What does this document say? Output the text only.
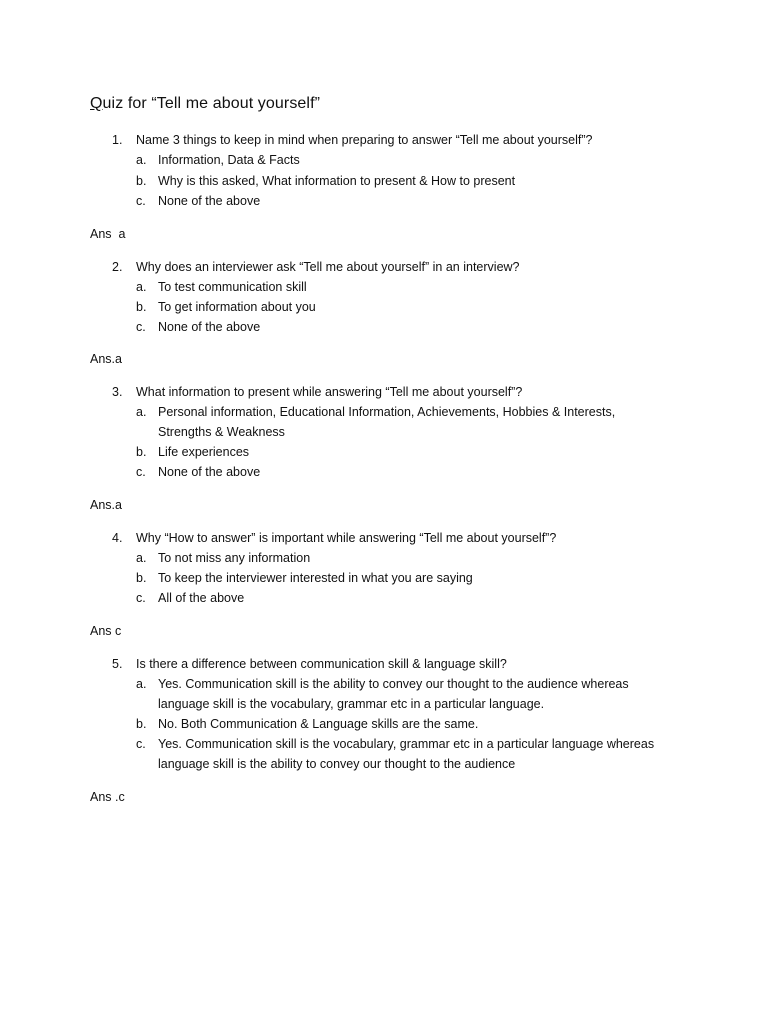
Quiz for “Tell me about yourself”
1. Name 3 things to keep in mind when preparing to answer “Tell me about yourself”?
a. Information, Data & Facts
b. Why is this asked, What information to present & How to present
c. None of the above
Ans  a
2. Why does an interviewer ask “Tell me about yourself” in an interview?
a. To test communication skill
b. To get information about you
c. None of the above
Ans.a
3. What information to present while answering “Tell me about yourself”?
a. Personal information, Educational Information, Achievements, Hobbies & Interests,
Strengths & Weakness
b. Life experiences
c. None of the above
Ans.a
4. Why “How to answer” is important while answering “Tell me about yourself”?
a. To not miss any information
b. To keep the interviewer interested in what you are saying
c. All of the above
Ans c
5. Is there a difference between communication skill & language skill?
a. Yes. Communication skill is the ability to convey our thought to the audience whereas
language skill is the vocabulary, grammar etc in a particular language.
b. No. Both Communication & Language skills are the same.
c. Yes. Communication skill is the vocabulary, grammar etc in a particular language whereas
language skill is the ability to convey our thought to the audience
Ans .c
